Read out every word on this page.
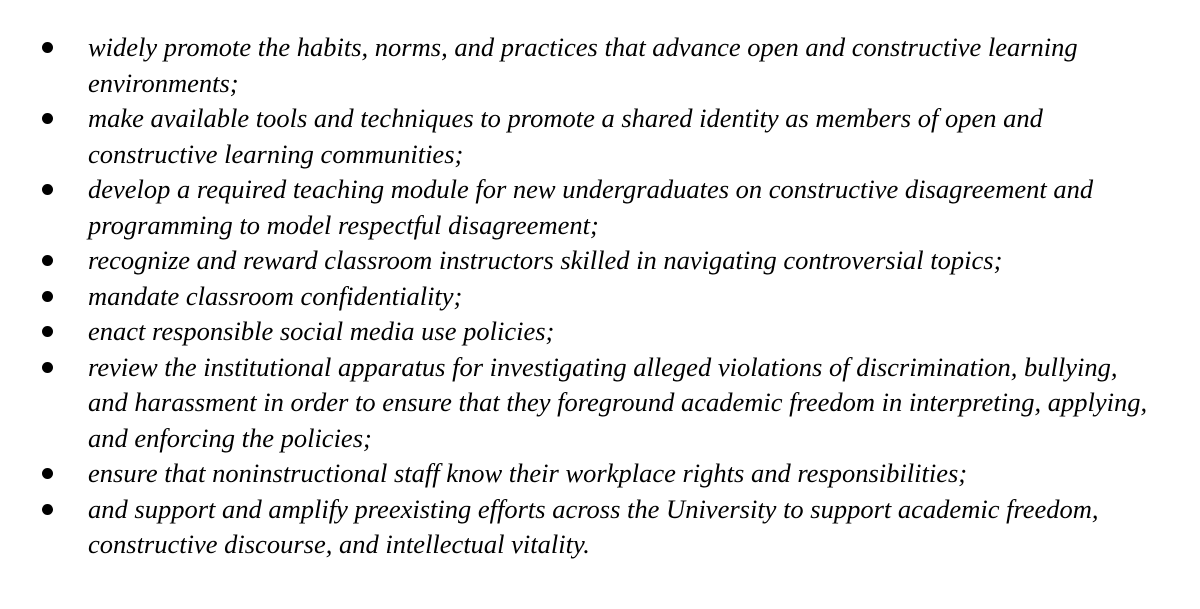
widely promote the habits, norms, and practices that advance open and constructive learning environments;
make available tools and techniques to promote a shared identity as members of open and constructive learning communities;
develop a required teaching module for new undergraduates on constructive disagreement and programming to model respectful disagreement;
recognize and reward classroom instructors skilled in navigating controversial topics;
mandate classroom confidentiality;
enact responsible social media use policies;
review the institutional apparatus for investigating alleged violations of discrimination, bullying, and harassment in order to ensure that they foreground academic freedom in interpreting, applying, and enforcing the policies;
ensure that noninstructional staff know their workplace rights and responsibilities;
and support and amplify preexisting efforts across the University to support academic freedom, constructive discourse, and intellectual vitality.
